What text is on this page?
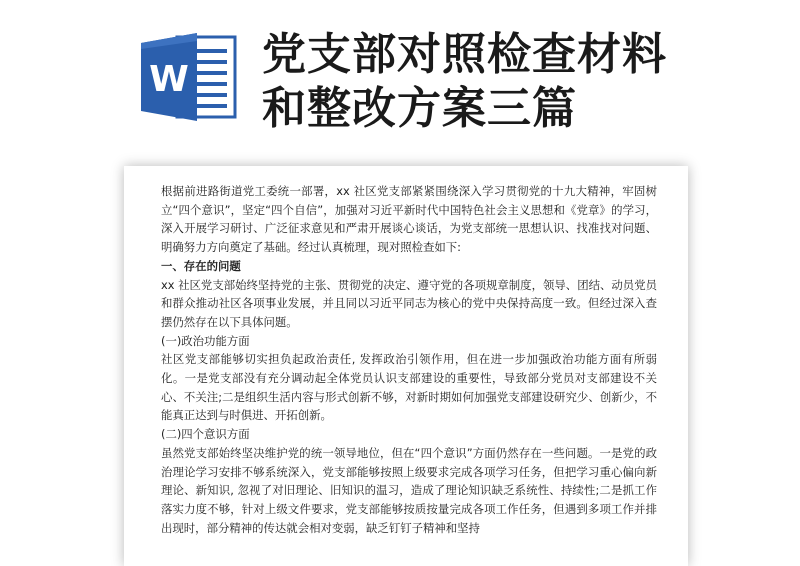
W 党支部对照检查材料
和整改方案三篇

根据前进路街道党工委统一部署，xx 社区党支部紧紧围绕深入学习贯彻党的十九大精神，牢固树立“四个意识”，坚定“四个自信”，加强对习近平新时代中国特色社会主义思想和《党章》的学习，深入开展学习研讨、广泛征求意见和严肃开展谈心谈话，为党支部统一思想认识、找准找对问题、明确努力方向奠定了基础。经过认真梳理，现对照检查如下:

一、存在的问题

xx 社区党支部始终坚持党的主张、贯彻党的决定、遵守党的各项规章制度，领导、团结、动员党员和群众推动社区各项事业发展，并且同以习近平同志为核心的党中央保持高度一致。但经过深入查摆仍然存在以下具体问题。

(一)政治功能方面

社区党支部能够切实担负起政治责任, 发挥政治引领作用，但在进一步加强政治功能方面有所弱化。一是党支部没有充分调动起全体党员认识支部建设的重要性，导致部分党员对支部建设不关心、不关注;二是组织生活内容与形式创新不够，对新时期如何加强党支部建设研究少、创新少，不能真正达到与时俱进、开拓创新。

(二)四个意识方面

虽然党支部始终坚决维护党的统一领导地位，但在“四个意识”方面仍然存在一些问题。一是党的政治理论学习安排不够系统深入，党支部能够按照上级要求完成各项学习任务，但把学习重心偏向新理论、新知识, 忽视了对旧理论、旧知识的温习，造成了理论知识缺乏系统性、持续性;二是抓工作落实力度不够，针对上级文件要求，党支部能够按质按量完成各项工作任务，但遇到多项工作并排出现时，部分精神的传达就会相对变弱，缺乏钉钉子精神和坚持
